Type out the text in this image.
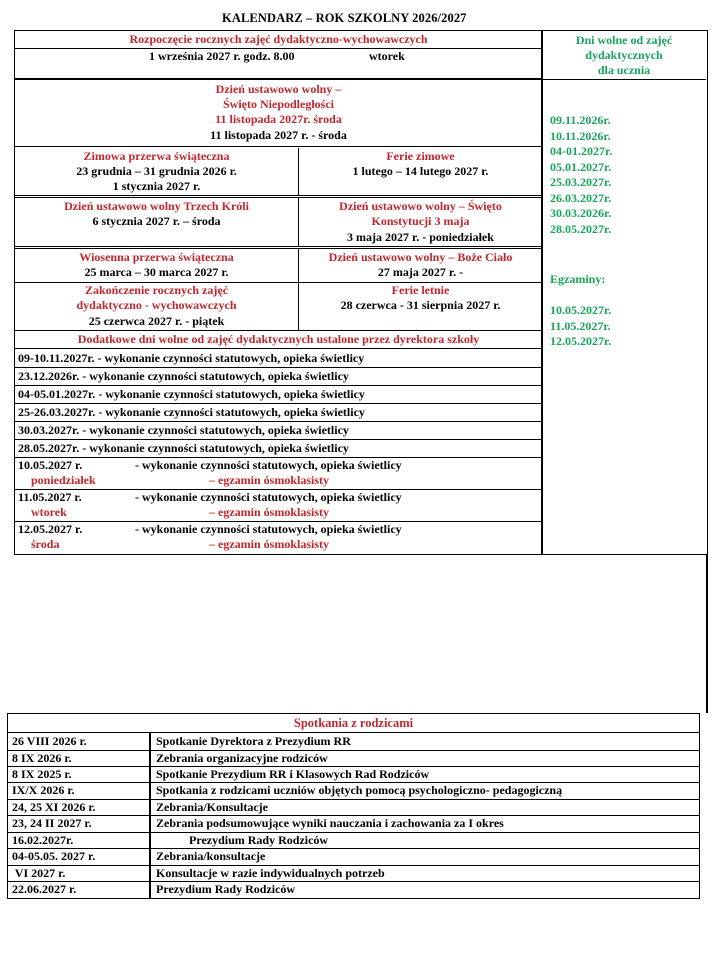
KALENDARZ – ROK SZKOLNY 2026/2027
Rozpoczęcie rocznych zajęć dydaktyczno-wychowawczych
1 września 2027 r. godz. 8.00	wtorek
Dzień ustawowo wolny –
Święto Niepodległości
11 listopada 2027r. środa
11 listopada 2027 r. - środa
Zimowa przerwa świąteczna
23 grudnia – 31 grudnia 2026 r.
1 stycznia 2027 r.
Ferie zimowe
1 lutego – 14 lutego 2027 r.
Dzień ustawowo wolny Trzech Króli
6 stycznia 2027 r. – środa
Dzień ustawowo wolny – Święto
Konstytucji 3 maja
3 maja 2027 r. - poniedziałek
Wiosenna przerwa świąteczna
25 marca – 30 marca 2027 r.
Dzień ustawowo wolny – Boże Ciało
27 maja 2027 r. -
Zakończenie rocznych zajęć
dydaktyczno - wychowawczych
25 czerwca 2027 r. - piątek
Ferie letnie
28 czerwca - 31 sierpnia 2027 r.
Dodatkowe dni wolne od zajęć dydaktycznych ustalone przez dyrektora szkoły
09-10.11.2027r. - wykonanie czynności statutowych, opieka świetlicy
23.12.2026r. - wykonanie czynności statutowych, opieka świetlicy
04-05.01.2027r. - wykonanie czynności statutowych, opieka świetlicy
25-26.03.2027r. - wykonanie czynności statutowych, opieka świetlicy
30.03.2027r. - wykonanie czynności statutowych, opieka świetlicy
28.05.2027r. - wykonanie czynności statutowych, opieka świetlicy
10.05.2027 r.	- wykonanie czynności statutowych, opieka świetlicy
poniedziałek	– egzamin ósmoklasisty
11.05.2027 r.	- wykonanie czynności statutowych, opieka świetlicy
wtorek	– egzamin ósmoklasisty
12.05.2027 r.	- wykonanie czynności statutowych, opieka świetlicy
środa	– egzamin ósmoklasisty
Dni wolne od zajęć
dydaktycznych
dla ucznia
09.11.2026r.
10.11.2026r.
04-01.2027r.
05.01.2027r.
25.03.2027r.
26.03.2027r.
30.03.2026r.
28.05.2027r.
Egzaminy:
10.05.2027r.
11.05.2027r.
12.05.2027r.
Spotkania z rodzicami
26 VIII 2026 r.	Spotkanie Dyrektora z Prezydium RR
8 IX 2026 r.	Zebrania organizacyjne rodziców
8 IX 2025 r.	Spotkanie Prezydium RR i Klasowych Rad Rodziców
IX/X 2026 r.	Spotkania z rodzicami uczniów objętych pomocą psychologiczno- pedagogiczną
24, 25 XI 2026 r.	Zebrania/Konsultacje
23, 24 II 2027 r.	Zebrania podsumowujące wyniki nauczania i zachowania za I okres
16.02.2027r.	Prezydium Rady Rodziców
04-05.05. 2027 r.	Zebrania/konsultacje
VI 2027 r.	Konsultacje w razie indywidualnych potrzeb
22.06.2027 r.	Prezydium Rady Rodziców
